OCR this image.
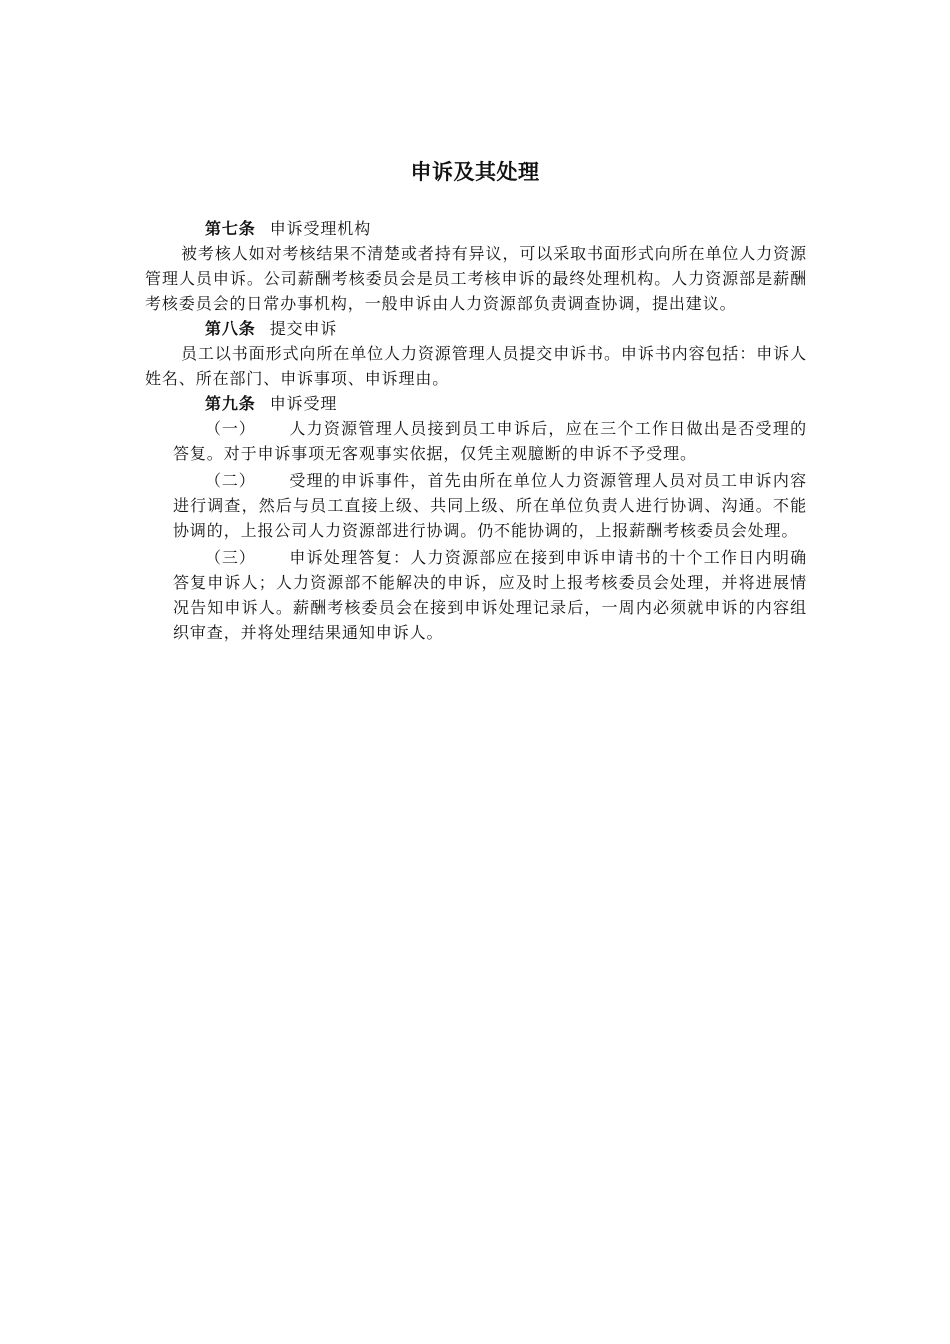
申诉及其处理

第七条 申诉受理机构

被考核人如对考核结果不清楚或者持有异议，可以采取书面形式向所在单位人力资源管理人员申诉。公司薪酬考核委员会是员工考核申诉的最终处理机构。人力资源部是薪酬考核委员会的日常办事机构，一般申诉由人力资源部负责调查协调，提出建议。

第八条 提交申诉

员工以书面形式向所在单位人力资源管理人员提交申诉书。申诉书内容包括：申诉人姓名、所在部门、申诉事项、申诉理由。

第九条 申诉受理

（一） 人力资源管理人员接到员工申诉后，应在三个工作日做出是否受理的答复。对于申诉事项无客观事实依据，仅凭主观臆断的申诉不予受理。

（二） 受理的申诉事件，首先由所在单位人力资源管理人员对员工申诉内容进行调查，然后与员工直接上级、共同上级、所在单位负责人进行协调、沟通。不能协调的，上报公司人力资源部进行协调。仍不能协调的，上报薪酬考核委员会处理。

（三） 申诉处理答复：人力资源部应在接到申诉申请书的十个工作日内明确答复申诉人；人力资源部不能解决的申诉，应及时上报考核委员会处理，并将进展情况告知申诉人。薪酬考核委员会在接到申诉处理记录后，一周内必须就申诉的内容组织审查，并将处理结果通知申诉人。
